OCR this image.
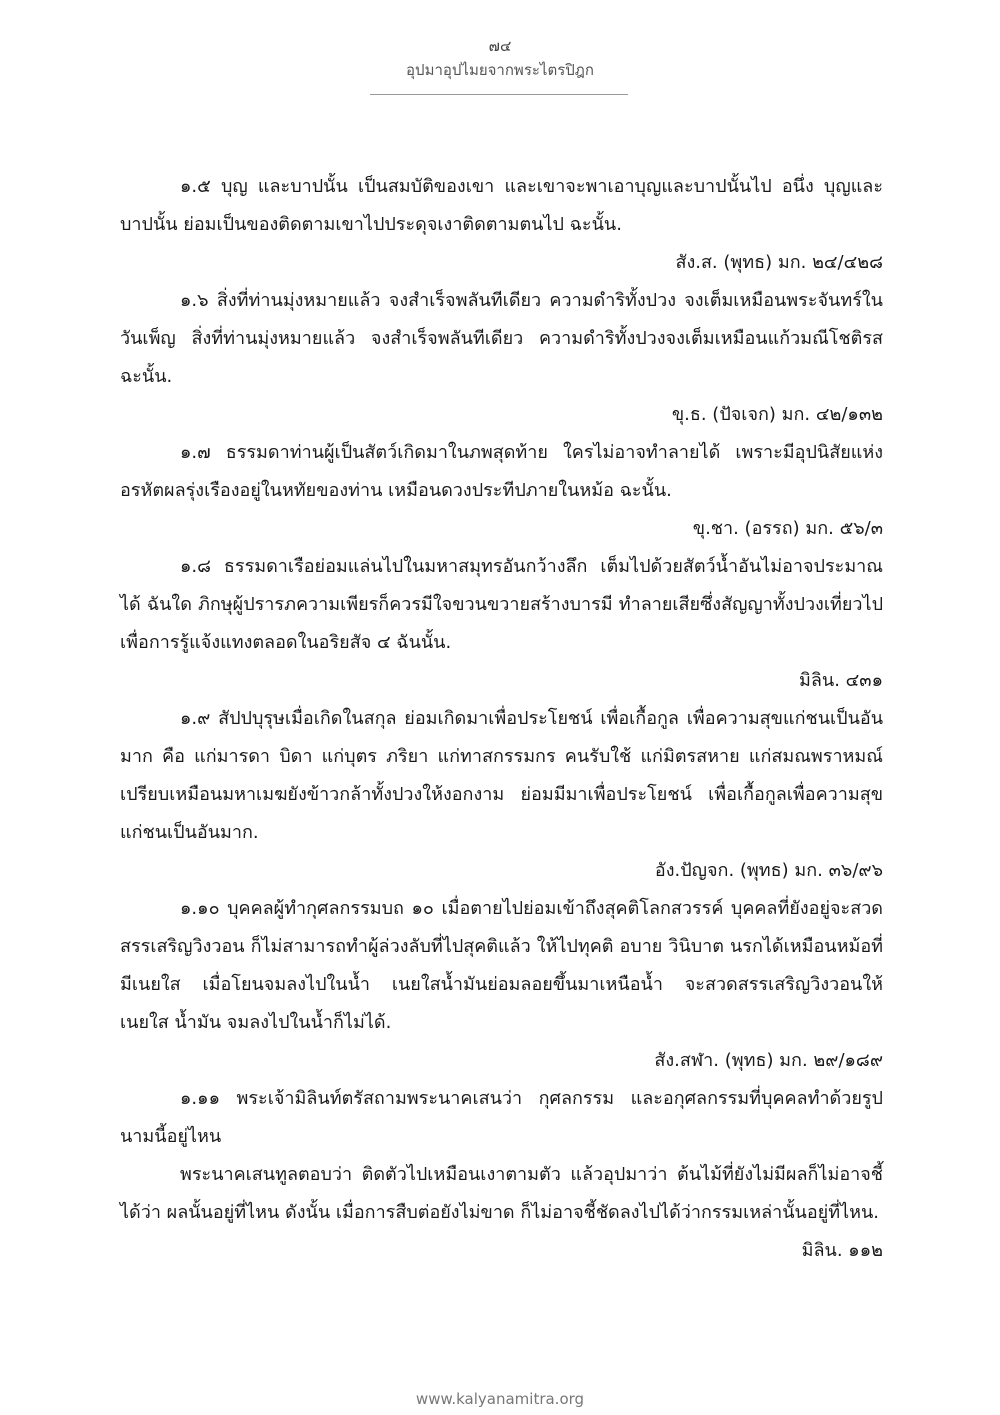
๗๔
อุปมาอุปไมยจากพระไตรปิฎก

๑.๕ บุญ และบาปนั้น เป็นสมบัติของเขา และเขาจะพาเอาบุญและบาปนั้นไป อนึ่ง บุญและบาปนั้น ย่อมเป็นของติดตามเขาไปประดุจเงาติดตามตนไป ฉะนั้น.

สัง.ส. (พุทธ) มก. ๒๔/๔๒๘

๑.๖ สิ่งที่ท่านมุ่งหมายแล้ว จงสำเร็จพลันทีเดียว ความดำริทั้งปวง จงเต็มเหมือนพระจันทร์ในวันเพ็ญ สิ่งที่ท่านมุ่งหมายแล้ว จงสำเร็จพลันทีเดียว ความดำริทั้งปวงจงเต็มเหมือนแก้วมณีโชติรส ฉะนั้น.

ขุ.ธ. (ปัจเจก) มก. ๔๒/๑๓๒

๑.๗ ธรรมดาท่านผู้เป็นสัตว์เกิดมาในภพสุดท้าย ใครไม่อาจทำลายได้ เพราะมีอุปนิสัยแห่งอรหัตผลรุ่งเรืองอยู่ในหทัยของท่าน เหมือนดวงประทีปภายในหม้อ ฉะนั้น.

ขุ.ชา. (อรรถ) มก. ๕๖/๓

๑.๘ ธรรมดาเรือย่อมแล่นไปในมหาสมุทรอันกว้างลึก เต็มไปด้วยสัตว์น้ำอันไม่อาจประมาณได้ ฉันใด ภิกษุผู้ปรารภความเพียรก็ควรมีใจขวนขวายสร้างบารมี ทำลายเสียซึ่งสัญญาทั้งปวงเที่ยวไปเพื่อการรู้แจ้งแทงตลอดในอริยสัจ ๔ ฉันนั้น.

มิลิน. ๔๓๑

๑.๙ สัปปบุรุษเมื่อเกิดในสกุล ย่อมเกิดมาเพื่อประโยชน์ เพื่อเกื้อกูล เพื่อความสุขแก่ชนเป็นอันมาก คือ แก่มารดา บิดา แก่บุตร ภริยา แก่ทาสกรรมกร คนรับใช้ แก่มิตรสหาย แก่สมณพราหมณ์ เปรียบเหมือนมหาเมฆยังข้าวกล้าทั้งปวงให้งอกงาม ย่อมมีมาเพื่อประโยชน์ เพื่อเกื้อกูลเพื่อความสุขแก่ชนเป็นอันมาก.

อัง.ปัญจก. (พุทธ) มก. ๓๖/๙๖

๑.๑๐ บุคคลผู้ทำกุศลกรรมบถ ๑๐ เมื่อตายไปย่อมเข้าถึงสุคติโลกสวรรค์ บุคคลที่ยังอยู่จะสวดสรรเสริญวิงวอน ก็ไม่สามารถทำผู้ล่วงลับที่ไปสุคติแล้ว ให้ไปทุคติ อบาย วินิบาต นรกได้เหมือนหม้อที่มีเนยใส เมื่อโยนจมลงไปในน้ำ เนยใสน้ำมันย่อมลอยขึ้นมาเหนือน้ำ จะสวดสรรเสริญวิงวอนให้เนยใส น้ำมัน จมลงไปในน้ำก็ไม่ได้.

สัง.สฬา. (พุทธ) มก. ๒๙/๑๘๙

๑.๑๑ พระเจ้ามิลินท์ตรัสถามพระนาคเสนว่า กุศลกรรม และอกุศลกรรมที่บุคคลทำด้วยรูปนามนี้อยู่ไหน

พระนาคเสนทูลตอบว่า ติดตัวไปเหมือนเงาตามตัว แล้วอุปมาว่า ต้นไม้ที่ยังไม่มีผลก็ไม่อาจชี้ได้ว่า ผลนั้นอยู่ที่ไหน ดังนั้น เมื่อการสืบต่อยังไม่ขาด ก็ไม่อาจชี้ชัดลงไปได้ว่ากรรมเหล่านั้นอยู่ที่ไหน.

มิลิน. ๑๑๒

www.kalyanamitra.org
